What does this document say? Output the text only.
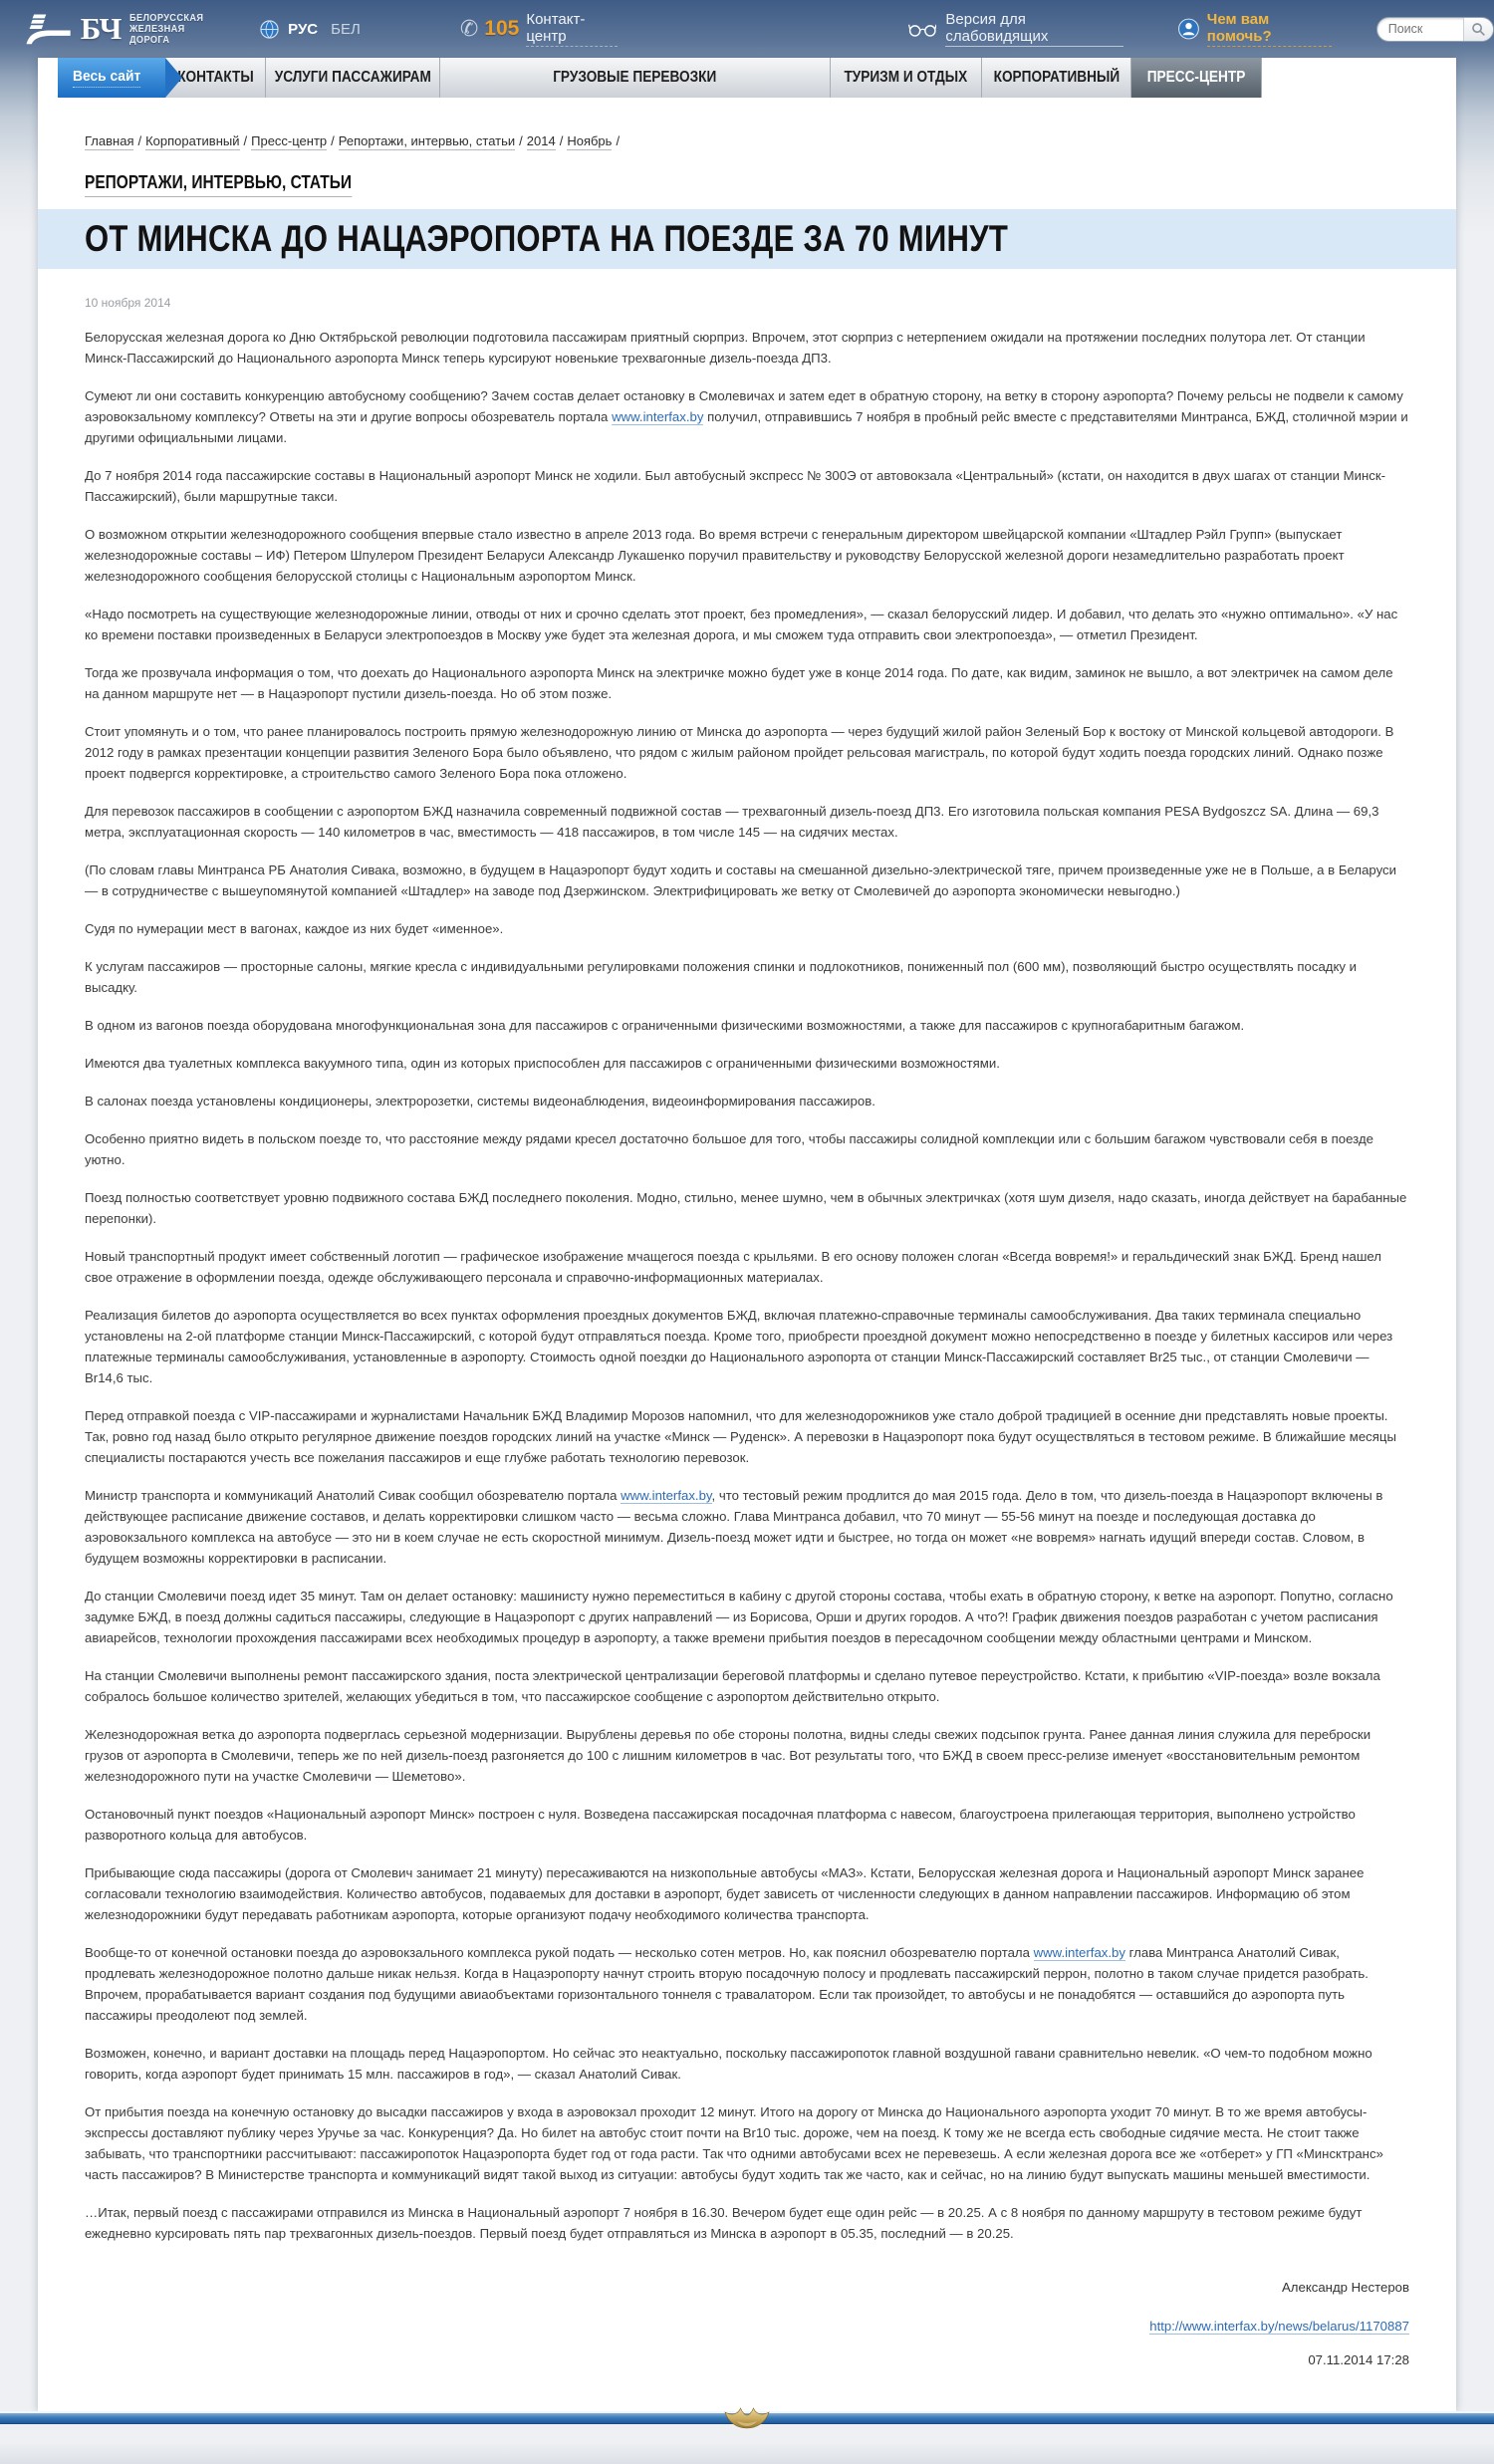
БЧ БЕЛОРУССКАЯ
ЖЕЛЕЗНАЯ ДОРОГА
РУС БЕЛ	✆ 105 Контакт-центр
Версия для слабовидящих
Чем вам помочь?
Поиск
Весь сайт КОНТАКТЫ УСЛУГИ ПАССАЖИРАМ	ГРУЗОВЫЕ ПЕРЕВОЗКИ	ТУРИЗМ И ОТДЫХ КОРПОРАТИВНЫЙ ПРЕСС-ЦЕНТР
Главная / Корпоративный / Пресс-центр / Репортажи, интервью, статьи / 2014 / Ноябрь /
РЕПОРТАЖИ, ИНТЕРВЬЮ, СТАТЬИ
ОТ МИНСКА ДО НАЦАЭРОПОРТА НА ПОЕЗДЕ ЗА 70 МИНУТ
10 ноября 2014

Белорусская железная дорога ко Дню Октябрьской революции подготовила пассажирам приятный сюрприз. Впрочем, этот сюрприз с нетерпением ожидали на протяжении последних полутора лет. От станции Минск-Пассажирский до Национального аэропорта Минск теперь курсируют новенькие трехвагонные дизель-поезда ДП3.

Сумеют ли они составить конкуренцию автобусному сообщению? Зачем состав делает остановку в Смолевичах и затем едет в обратную сторону, на ветку в сторону аэропорта? Почему рельсы не подвели к самому аэровокзальному комплексу? Ответы на эти и другие вопросы обозреватель портала www.interfax.by получил, отправившись 7 ноября в пробный рейс вместе с представителями Минтранса, БЖД, столичной мэрии и другими официальными лицами.

До 7 ноября 2014 года пассажирские составы в Национальный аэропорт Минск не ходили. Был автобусный экспресс № 300Э от автовокзала «Центральный» (кстати, он находится в двух шагах от станции Минск-Пассажирский), были маршрутные такси.

О возможном открытии железнодорожного сообщения впервые стало известно в апреле 2013 года. Во время встречи с генеральным директором швейцарской компании «Штадлер Рэйл Групп» (выпускает железнодорожные составы – ИФ) Петером Шпулером Президент Беларуси Александр Лукашенко поручил правительству и руководству Белорусской железной дороги незамедлительно разработать проект железнодорожного сообщения белорусской столицы с Национальным аэропортом Минск.

«Надо посмотреть на существующие железнодорожные линии, отводы от них и срочно сделать этот проект, без промедления», — сказал белорусский лидер. И добавил, что делать это «нужно оптимально». «У нас ко времени поставки произведенных в Беларуси электропоездов в Москву уже будет эта железная дорога, и мы сможем туда отправить свои электропоезда», — отметил Президент.

Тогда же прозвучала информация о том, что доехать до Национального аэропорта Минск на электричке можно будет уже в конце 2014 года. По дате, как видим, заминок не вышло, а вот электричек на самом деле на данном маршруте нет — в Нацаэропорт пустили дизель-поезда. Но об этом позже.

Стоит упомянуть и о том, что ранее планировалось построить прямую железнодорожную линию от Минска до аэропорта — через будущий жилой район Зеленый Бор к востоку от Минской кольцевой автодороги. В 2012 году в рамках презентации концепции развития Зеленого Бора было объявлено, что рядом с жилым районом пройдет рельсовая магистраль, по которой будут ходить поезда городских линий. Однако позже проект подвергся корректировке, а строительство самого Зеленого Бора пока отложено.

Для перевозок пассажиров в сообщении с аэропортом БЖД назначила современный подвижной состав — трехвагонный дизель-поезд ДП3. Его изготовила польская компания PESA Bydgoszcz SA. Длина — 69,3 метра, эксплуатационная скорость — 140 километров в час, вместимость — 418 пассажиров, в том числе 145 — на сидячих местах.

(По словам главы Минтранса РБ Анатолия Сивака, возможно, в будущем в Нацаэропорт будут ходить и составы на смешанной дизельно-электрической тяге, причем произведенные уже не в Польше, а в Беларуси — в сотрудничестве с вышеупомянутой компанией «Штадлер» на заводе под Дзержинском. Электрифицировать же ветку от Смолевичей до аэропорта экономически невыгодно.)

Судя по нумерации мест в вагонах, каждое из них будет «именное».

К услугам пассажиров — просторные салоны, мягкие кресла с индивидуальными регулировками положения спинки и подлокотников, пониженный пол (600 мм), позволяющий быстро осуществлять посадку и высадку.

В одном из вагонов поезда оборудована многофункциональная зона для пассажиров с ограниченными физическими возможностями, а также для пассажиров с крупногабаритным багажом.

Имеются два туалетных комплекса вакуумного типа, один из которых приспособлен для пассажиров с ограниченными физическими возможностями.

В салонах поезда установлены кондиционеры, электророзетки, системы видеонаблюдения, видеоинформирования пассажиров.

Особенно приятно видеть в польском поезде то, что расстояние между рядами кресел достаточно большое для того, чтобы пассажиры солидной комплекции или с большим багажом чувствовали себя в поезде уютно.

Поезд полностью соответствует уровню подвижного состава БЖД последнего поколения. Модно, стильно, менее шумно, чем в обычных электричках (хотя шум дизеля, надо сказать, иногда действует на барабанные перепонки).

Новый транспортный продукт имеет собственный логотип — графическое изображение мчащегося поезда с крыльями. В его основу положен слоган «Всегда вовремя!» и геральдический знак БЖД. Бренд нашел свое отражение в оформлении поезда, одежде обслуживающего персонала и справочно-информационных материалах.

Реализация билетов до аэропорта осуществляется во всех пунктах оформления проездных документов БЖД, включая платежно-справочные терминалы самообслуживания. Два таких терминала специально установлены на 2-ой платформе станции Минск-Пассажирский, с которой будут отправляться поезда. Кроме того, приобрести проездной документ можно непосредственно в поезде у билетных кассиров или через платежные терминалы самообслуживания, установленные в аэропорту. Стоимость одной поездки до Национального аэропорта от станции Минск-Пассажирский составляет Br25 тыс., от станции Смолевичи — Br14,6 тыс.

Перед отправкой поезда с VIP-пассажирами и журналистами Начальник БЖД Владимир Морозов напомнил, что для железнодорожников уже стало доброй традицией в осенние дни представлять новые проекты. Так, ровно год назад было открыто регулярное движение поездов городских линий на участке «Минск — Руденск». А перевозки в Нацаэропорт пока будут осуществляться в тестовом режиме. В ближайшие месяцы специалисты постараются учесть все пожелания пассажиров и еще глубже работать технологию перевозок.

Министр транспорта и коммуникаций Анатолий Сивак сообщил обозревателю портала www.interfax.by, что тестовый режим продлится до мая 2015 года. Дело в том, что дизель-поезда в Нацаэропорт включены в действующее расписание движение составов, и делать корректировки слишком часто — весьма сложно. Глава Минтранса добавил, что 70 минут — 55-56 минут на поезде и последующая доставка до аэровокзального комплекса на автобусе — это ни в коем случае не есть скоростной минимум. Дизель-поезд может идти и быстрее, но тогда он может «не вовремя» нагнать идущий впереди состав. Словом, в будущем возможны корректировки в расписании.

До станции Смолевичи поезд идет 35 минут. Там он делает остановку: машинисту нужно переместиться в кабину с другой стороны состава, чтобы ехать в обратную сторону, к ветке на аэропорт. Попутно, согласно задумке БЖД, в поезд должны садиться пассажиры, следующие в Нацаэропорт с других направлений — из Борисова, Орши и других городов. А что?! График движения поездов разработан с учетом расписания авиарейсов, технологии прохождения пассажирами всех необходимых процедур в аэропорту, а также времени прибытия поездов в пересадочном сообщении между областными центрами и Минском.

На станции Смолевичи выполнены ремонт пассажирского здания, поста электрической централизации береговой платформы и сделано путевое переустройство. Кстати, к прибытию «VIP-поезда» возле вокзала собралось большое количество зрителей, желающих убедиться в том, что пассажирское сообщение с аэропортом действительно открыто.

Железнодорожная ветка до аэропорта подверглась серьезной модернизации. Вырублены деревья по обе стороны полотна, видны следы свежих подсыпок грунта. Ранее данная линия служила для переброски грузов от аэропорта в Смолевичи, теперь же по ней дизель-поезд разгоняется до 100 с лишним километров в час. Вот результаты того, что БЖД в своем пресс-релизе именует «восстановительным ремонтом железнодорожного пути на участке Смолевичи — Шеметово».

Остановочный пункт поездов «Национальный аэропорт Минск» построен с нуля. Возведена пассажирская посадочная платформа с навесом, благоустроена прилегающая территория, выполнено устройство разворотного кольца для автобусов.

Прибывающие сюда пассажиры (дорога от Смолевич занимает 21 минуту) пересаживаются на низкопольные автобусы «МАЗ». Кстати, Белорусская железная дорога и Национальный аэропорт Минск заранее согласовали технологию взаимодействия. Количество автобусов, подаваемых для доставки в аэропорт, будет зависеть от численности следующих в данном направлении пассажиров. Информацию об этом железнодорожники будут передавать работникам аэропорта, которые организуют подачу необходимого количества транспорта.

Вообще-то от конечной остановки поезда до аэровокзального комплекса рукой подать — несколько сотен метров. Но, как пояснил обозревателю портала www.interfax.by глава Минтранса Анатолий Сивак, продлевать железнодорожное полотно дальше никак нельзя. Когда в Нацаэропорту начнут строить вторую посадочную полосу и продлевать пассажирский перрон, полотно в таком случае придется разобрать. Впрочем, прорабатывается вариант создания под будущими авиаобъектами горизонтального тоннеля с травалатором. Если так произойдет, то автобусы и не понадобятся — оставшийся до аэропорта путь пассажиры преодолеют под землей.

Возможен, конечно, и вариант доставки на площадь перед Нацаэропортом. Но сейчас это неактуально, поскольку пассажиропоток главной воздушной гавани сравнительно невелик. «О чем-то подобном можно говорить, когда аэропорт будет принимать 15 млн. пассажиров в год», — сказал Анатолий Сивак.

От прибытия поезда на конечную остановку до высадки пассажиров у входа в аэровокзал проходит 12 минут. Итого на дорогу от Минска до Национального аэропорта уходит 70 минут. В то же время автобусы-экспрессы доставляют публику через Уручье за час. Конкуренция? Да. Но билет на автобус стоит почти на Br10 тыс. дороже, чем на поезд. К тому же не всегда есть свободные сидячие места. Не стоит также забывать, что транспортники рассчитывают: пассажиропоток Нацаэропорта будет год от года расти. Так что одними автобусами всех не перевезешь. А если железная дорога все же «отберет» у ГП «Минсктранс» часть пассажиров? В Министерстве транспорта и коммуникаций видят такой выход из ситуации: автобусы будут ходить так же часто, как и сейчас, но на линию будут выпускать машины меньшей вместимости.

…Итак, первый поезд с пассажирами отправился из Минска в Национальный аэропорт 7 ноября в 16.30. Вечером будет еще один рейс — в 20.25. А с 8 ноября по данному маршруту в тестовом режиме будут ежедневно курсировать пять пар трехвагонных дизель-поездов. Первый поезд будет отправляться из Минска в аэропорт в 05.35, последний — в 20.25.

Александр Нестеров
http://www.interfax.by/news/belarus/1170887
07.11.2014 17:28
